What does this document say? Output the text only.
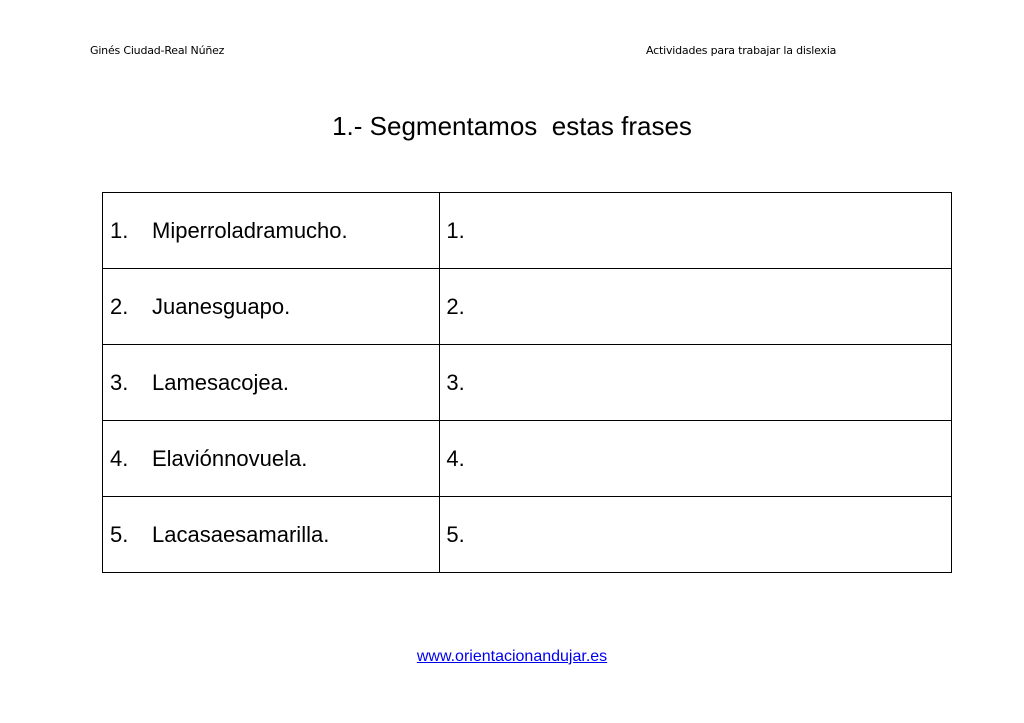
Ginés Ciudad-Real Núñez	Actividades para trabajar la dislexia
1.- Segmentamos  estas frases
1. Miperroladramucho.	1.

2. Juanesguapo.	2.

3. Lamesacojea.	3.

4. Elaviónnovuela.	4.

5. Lacasaesamarilla.	5.
www.orientacionandujar.es
